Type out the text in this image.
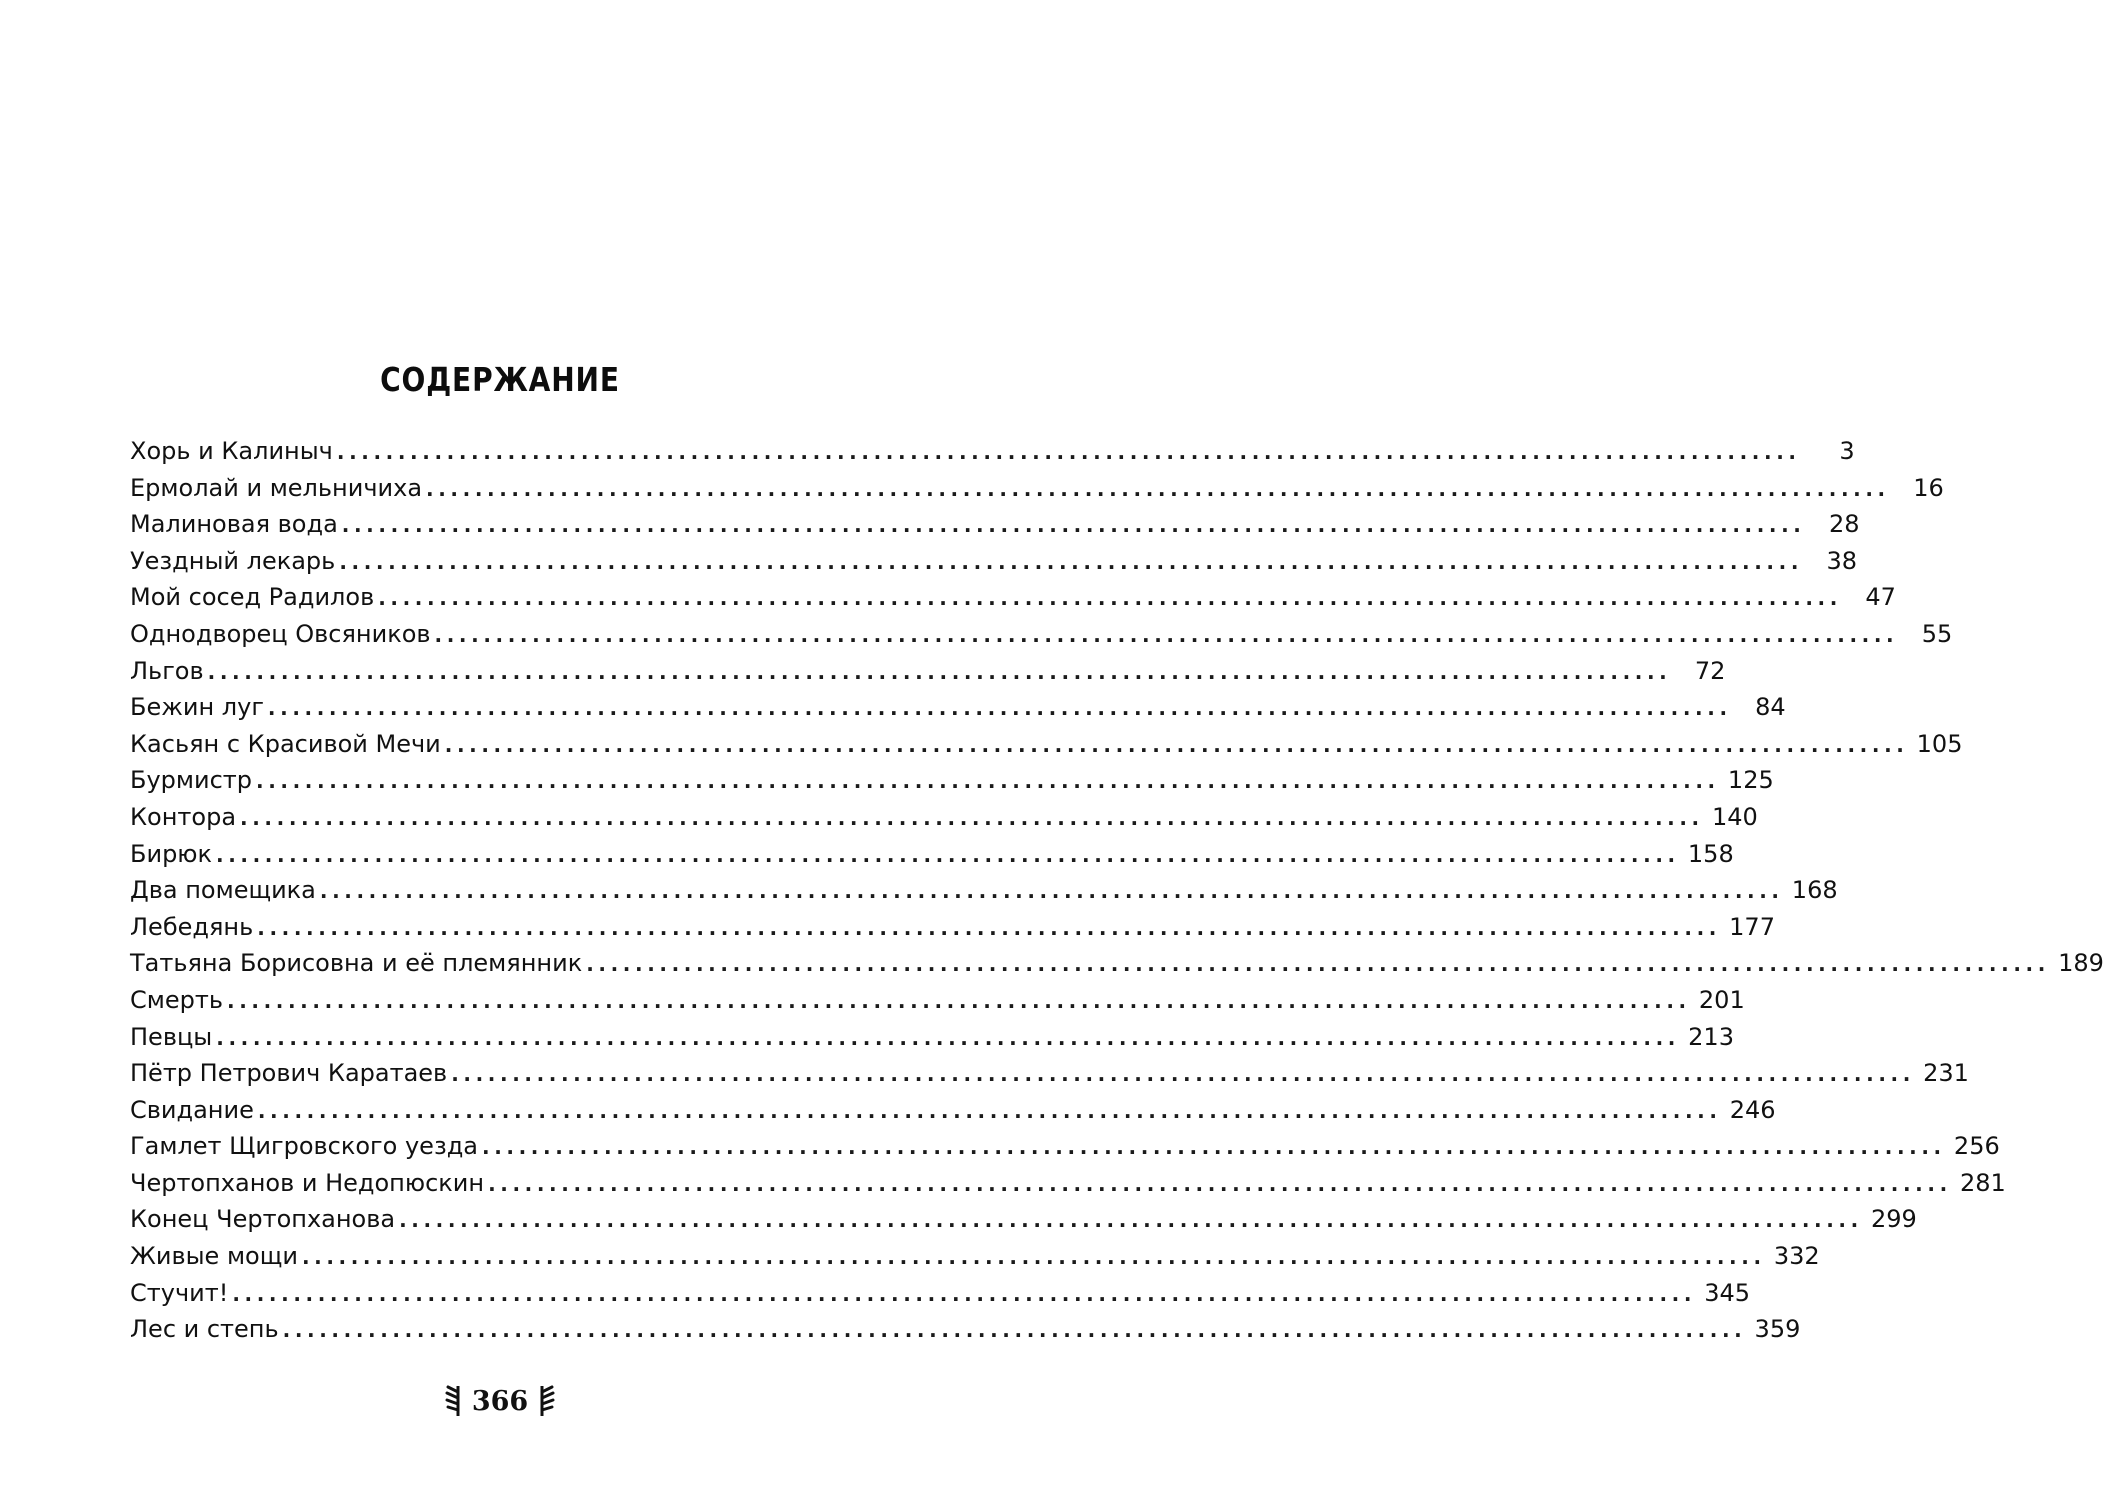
СОДЕРЖАНИЕ
Хорь и Калиныч ........................................................................................................................	3
Ермолай и мельничиха ........................................................................................................................ 16
Малиновая вода ........................................................................................................................ 28
Уездный лекарь ........................................................................................................................ 38
Мой сосед Радилов ........................................................................................................................ 47
Однодворец Овсяников ........................................................................................................................ 55
Льгов ........................................................................................................................ 72
Бежин луг ........................................................................................................................ 84
Касьян с Красивой Мечи ........................................................................................................................ 105
Бурмистр ........................................................................................................................ 125
Контора ........................................................................................................................ 140
Бирюк ........................................................................................................................ 158
Два помещика ........................................................................................................................ 168
Лебедянь ........................................................................................................................ 177
Татьяна Борисовна и её племянник ........................................................................................................................ 189
Смерть ........................................................................................................................ 201
Певцы ........................................................................................................................ 213
Пётр Петрович Каратаев ........................................................................................................................ 231
Свидание ........................................................................................................................ 246
Гамлет Щигровского уезда ........................................................................................................................ 256
Чертопханов и Недопюскин ........................................................................................................................ 281
Конец Чертопханова ........................................................................................................................ 299
Живые мощи ........................................................................................................................ 332
Стучит! ........................................................................................................................ 345
Лес и степь ........................................................................................................................ 359
366
